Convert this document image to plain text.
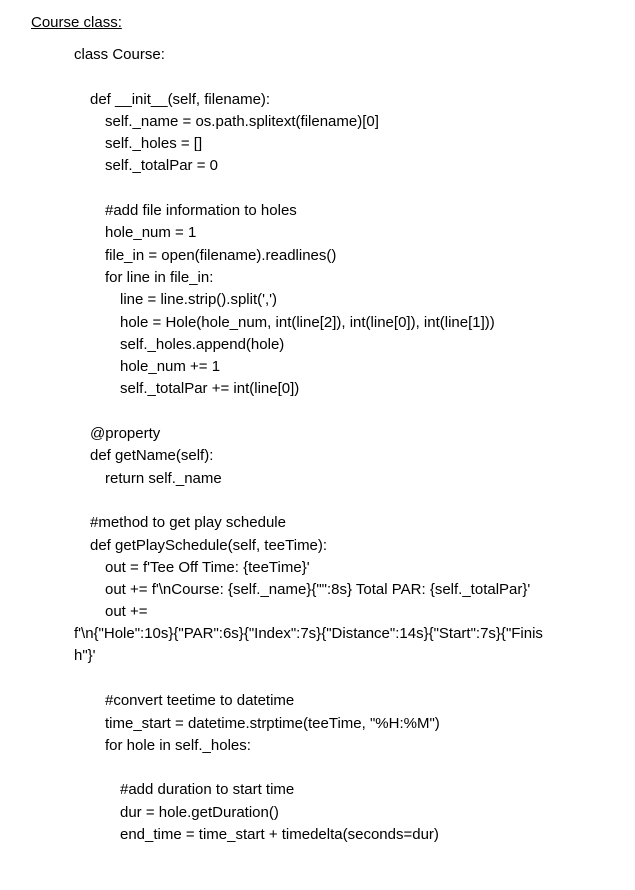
Course class:
class Course:
def __init__(self, filename):
self._name = os.path.splitext(filename)[0]
self._holes = []
self._totalPar = 0
#add file information to holes
hole_num = 1
file_in = open(filename).readlines()
for line in file_in:
line = line.strip().split(',')
hole = Hole(hole_num, int(line[2]), int(line[0]), int(line[1]))
self._holes.append(hole)
hole_num += 1
self._totalPar += int(line[0])
@property
def getName(self):
return self._name
#method to get play schedule
def getPlaySchedule(self, teeTime):
out = f'Tee Off Time: {teeTime}'
out += f'\nCourse: {self._name}{"":8s} Total PAR: {self._totalPar}'
out +=
f'\n{"Hole":10s}{"PAR":6s}{"Index":7s}{"Distance":14s}{"Start":7s}{"Finis
h"}'
#convert teetime to datetime
time_start = datetime.strptime(teeTime, "%H:%M")
for hole in self._holes:
#add duration to start time
dur = hole.getDuration()
end_time = time_start + timedelta(seconds=dur)
